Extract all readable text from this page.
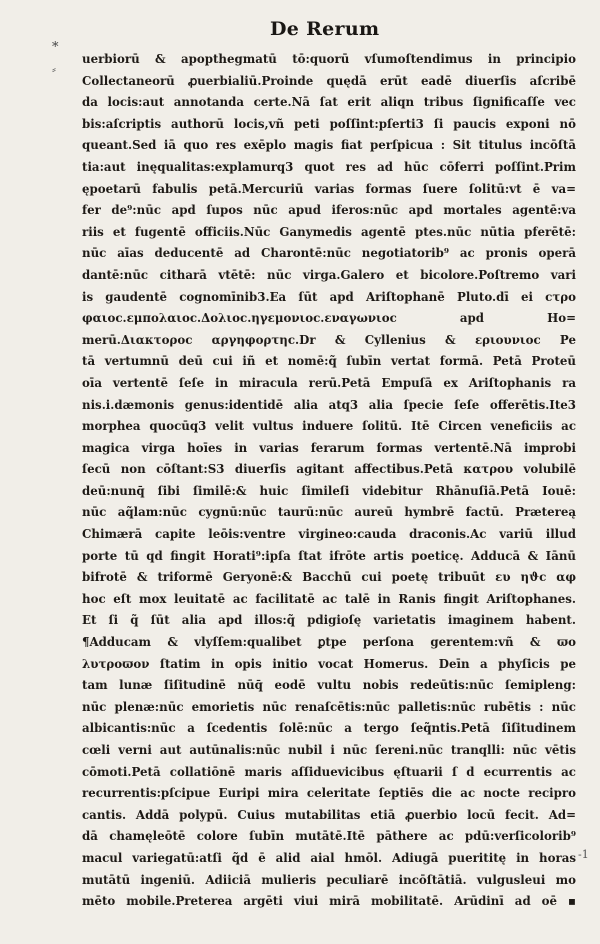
De Rerum
*
⸗
uerbiorū & apopthegmatū tō:quorū vſumoſtendimus in principio
Collectaneorū ꝓuerbialiū.Proinde quędā erūt eadē diuerſis aſcribē
da locis:aut annotanda certe.Nā ſat erit aliqn tribus ſignificaſſe vec
bis:aſcriptis authorū locis,vñ peti poſſint:pſerti3 ſi paucis exponi nō
queant.Sed iā quo res exēplo magis fiat perſpicua : Sit titulus incōſtā
tia:aut inęqualitas:explamurq3 quot res ad hūc cōferri poſſint.Prim
ępoetarū fabulis petā.Mercuriū varias formas ſuere ſolitū:vt ē va=
fer de⁹:nūc apd ſupos nūc apud iferos:nūc apd mortales agentē:va
riis et fugentē officiis.Nūc Ganymedis agentē ptes.nūc nūtia pferētē:
nūc aīas deducentē ad Charontē:nūc negotiatorib⁹ ac pronis operā
dantē:nūc citharā vtētē: nūc virga.Galero et bicolore.Poſtremo vari
is gaudentē cognomīnib3.Ea ſūt apd Ariſtophanē Pluto.dī ei ϲτρο
φαιοϲ.εμπολαιοϲ.Δολιοϲ.ηγεμονιοϲ.εναγωνιοϲ apd Ho=
merū.Διακτοροϲ αργηφορτηϲ.Dr & Cyllenius & εριουνιοϲ Pe
tā vertumnū deū cui iñ et nomē:q̃ ſubīn vertat formā. Petā Proteū
oīa vertentē ſeſe in miracula rerū.Petā Empuſā ex Ariſtophanis ra
nis.i.dæmonis genus:identidē alia atq3 alia ſpecie ſeſe offerētis.Ite3
morphea quocūq3 velit vultus induere ſolitū. Itē Circen veneficiis ac
magica virga hoīes in varias ferarum formas vertentē.Nā improbi
ſecū non cōſtant:S3 diuerſis agitant affectibus.Petā κατρου volubilē
deū:nunq̄ ſibi ſimilē:& huic ſimileſi videbitur Rhānuſiā.Petā Iouē:
nūc aq̃lam:nūc cygnū:nūc taurū:nūc aureū hymbrē factū. Prætereą
Chimærā capite leōis:ventre virgineo:cauda draconis.Ac variū illud
porte tū qd fingit Horati⁹:ipſa ſtat ifrōte artis poeticę. Adducā & Iānū
bifrotē & triformē Geryonē:& Bacchū cui poetę tribuūt ευ ηϑϲ αφ
hoc eſt mox leuitatē ac facilitatē ac talē in Ranis fingit Ariſtophanes.
Et ſi q̃ ſūt alia apd illos:q̃ pdigioſę varietatis imaginem habent.
¶Adducam & vlyſſem:qualibet ꝑtpe perſona gerentem:vñ & ϖο
λυτροϖον ſtatim in opis initio vocat Homerus. Deīn a phyſicis pe
tam lunæ ſiſitudinē nūq̄ eodē vultu nobis redeūtis:nūc ſemipleng:
nūc plenæ:nūc emorietis nūc renaſcētis:nūc palletis:nūc rubētis : nūc
albicantis:nūc a ſcedentis ſolē:nūc a tergo ſeq̃ntis.Petā ſiſitudinem
cœli verni aut autūnalis:nūc nubil i nūc ſereni.nūc tranqlli: nūc vētis
cōmoti.Petā collatiōnē maris aſſiduevicibus ęſtuarii ſ d ecurrentis ac
recurrentis:pſcipue Euripi mira celeritate ſeptiēs die ac nocte recipro
cantis. Addā polypū. Cuius mutabilitas etiā ꝓuerbio locū fecit. Ad=
dā chamęleōtē colore ſubīn mutātē.Itē pāthere ac pdū:verſicolorib⁹
macul variegatū:atſi q̃d ē alid aial hmōl. Adiugā puerititę in horas
mutātū ingeniū. Adiiciā mulieris peculiarē incōſtātiā. vulgusleui mo
mēto mobile.Preterea argēti viui mirā mobilitatē. Arūdinī ad oē ▪
-1
